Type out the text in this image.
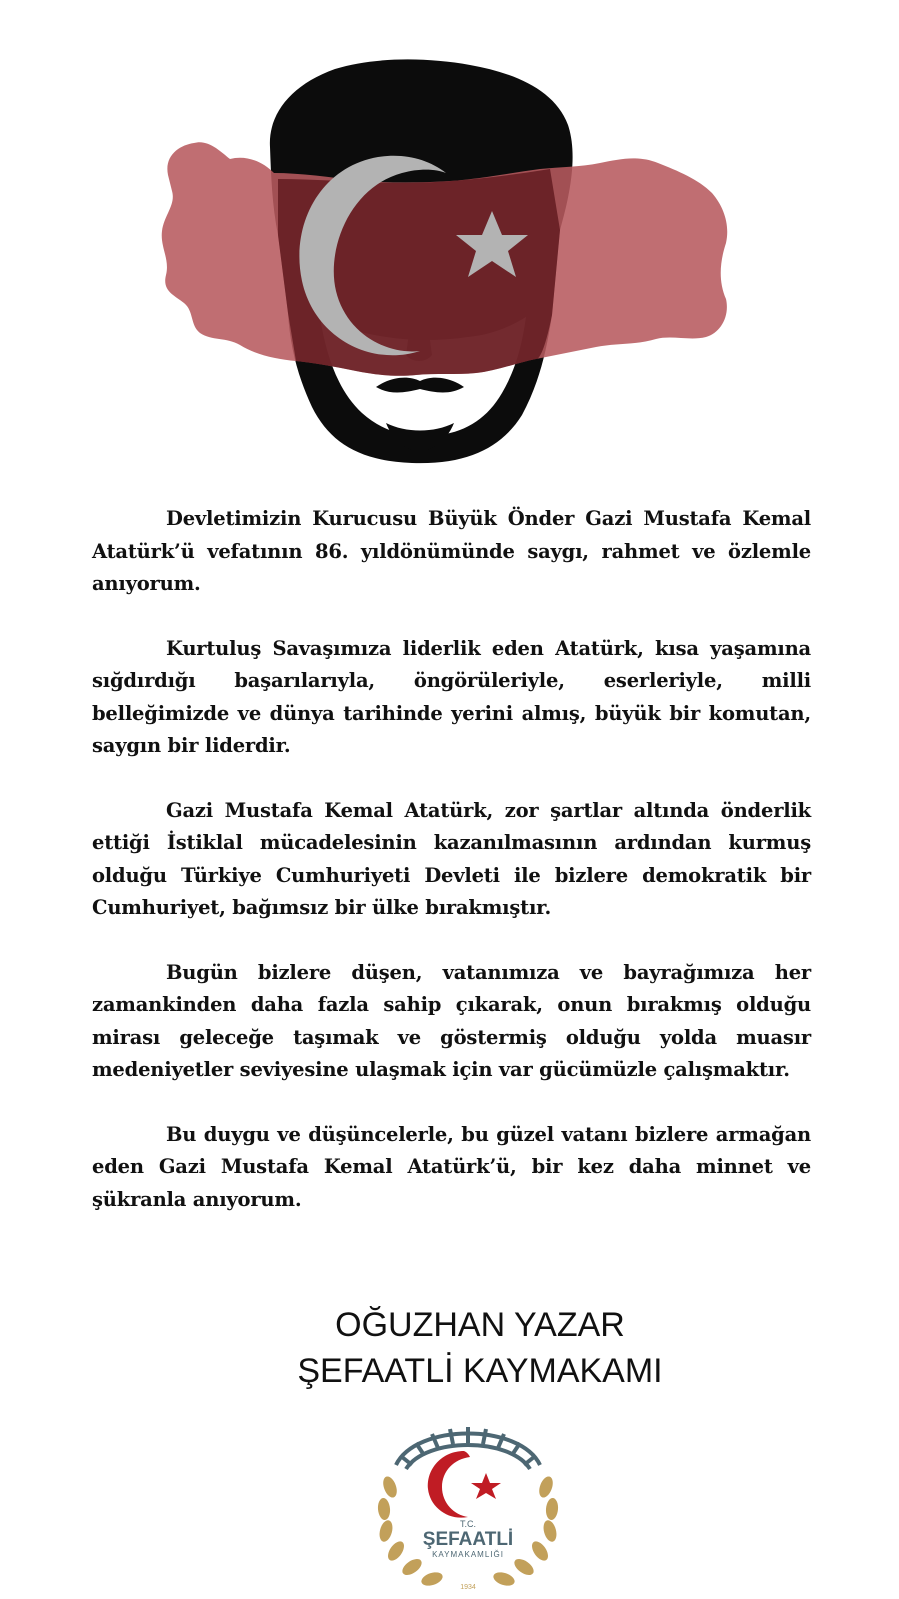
Devletimizin Kurucusu Büyük Önder Gazi Mustafa Kemal Atatürk’ü vefatının 86. yıldönümünde saygı, rahmet ve özlemle anıyorum.

Kurtuluş Savaşımıza liderlik eden Atatürk, kısa yaşamına sığdırdığı başarılarıyla, öngörüleriyle, eserleriyle, milli belleğimizde ve dünya tarihinde yerini almış, büyük bir komutan, saygın bir liderdir.

Gazi Mustafa Kemal Atatürk, zor şartlar altında önderlik ettiği İstiklal mücadelesinin kazanılmasının ardından kurmuş olduğu Türkiye Cumhuriyeti Devleti ile bizlere demokratik bir Cumhuriyet, bağımsız bir ülke bırakmıştır.

Bugün bizlere düşen, vatanımıza ve bayrağımıza her zamankinden daha fazla sahip çıkarak, onun bırakmış olduğu mirası geleceğe taşımak ve göstermiş olduğu yolda muasır medeniyetler seviyesine ulaşmak için var gücümüzle çalışmaktır.

Bu duygu ve düşüncelerle, bu güzel vatanı bizlere armağan eden Gazi Mustafa Kemal Atatürk’ü, bir kez daha minnet ve şükranla anıyorum.

OĞUZHAN YAZAR
ŞEFAATLİ KAYMAKAMI
T.C.
ŞEFAATLİ
KAYMAKAMLIĞI
1934
